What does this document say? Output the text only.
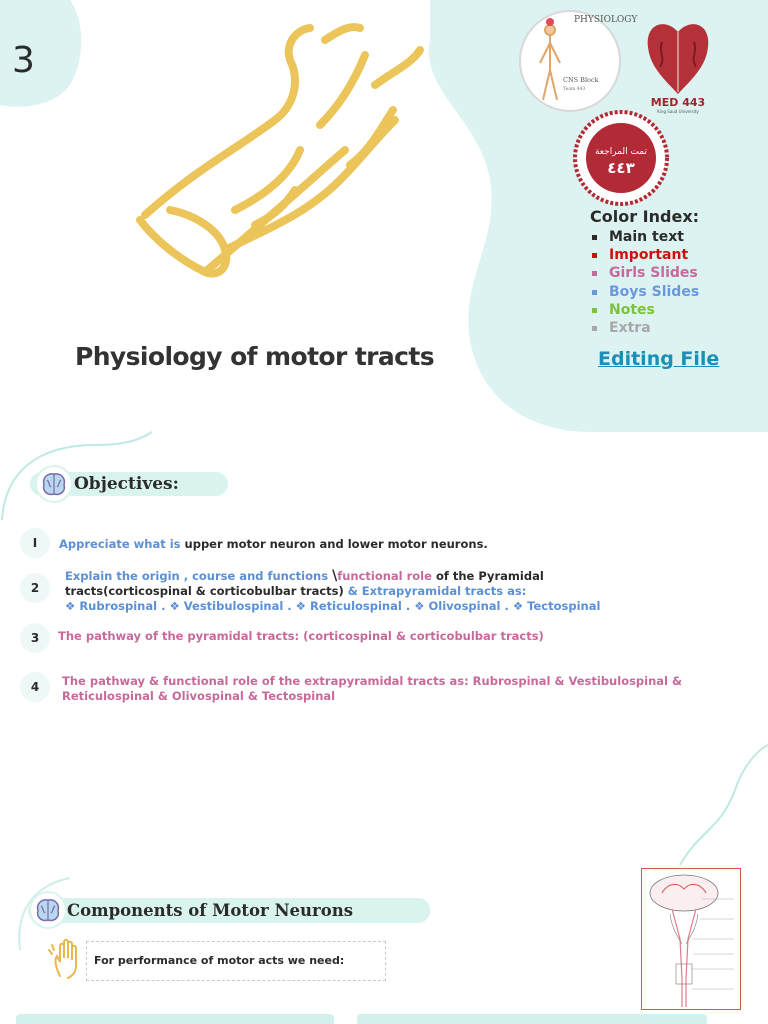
3
PHYSIOLOGY
CNS Block
Team 443
MED 443
King Saud University
تمت المراجعة
٤٤٣
Color Index:
Main text
Important
Girls Slides
Boys Slides
Notes
Extra
Physiology of motor tracts	Editing File
Objectives:
I	Appreciate what is upper motor neuron and lower motor neurons.
2
Explain the origin , course and functions \functional role of the Pyramidal
tracts(corticospinal & corticobulbar tracts) & Extrapyramidal tracts as:
❖ Rubrospinal . ❖ Vestibulospinal . ❖ Reticulospinal . ❖ Olivospinal . ❖ Tectospinal
3	The pathway of the pyramidal tracts: (corticospinal & corticobulbar tracts)
4	The pathway & functional role of the extrapyramidal tracts as: Rubrospinal & Vestibulospinal &
Reticulospinal & Olivospinal & Tectospinal
Components of Motor Neurons
For performance of motor acts we need:
